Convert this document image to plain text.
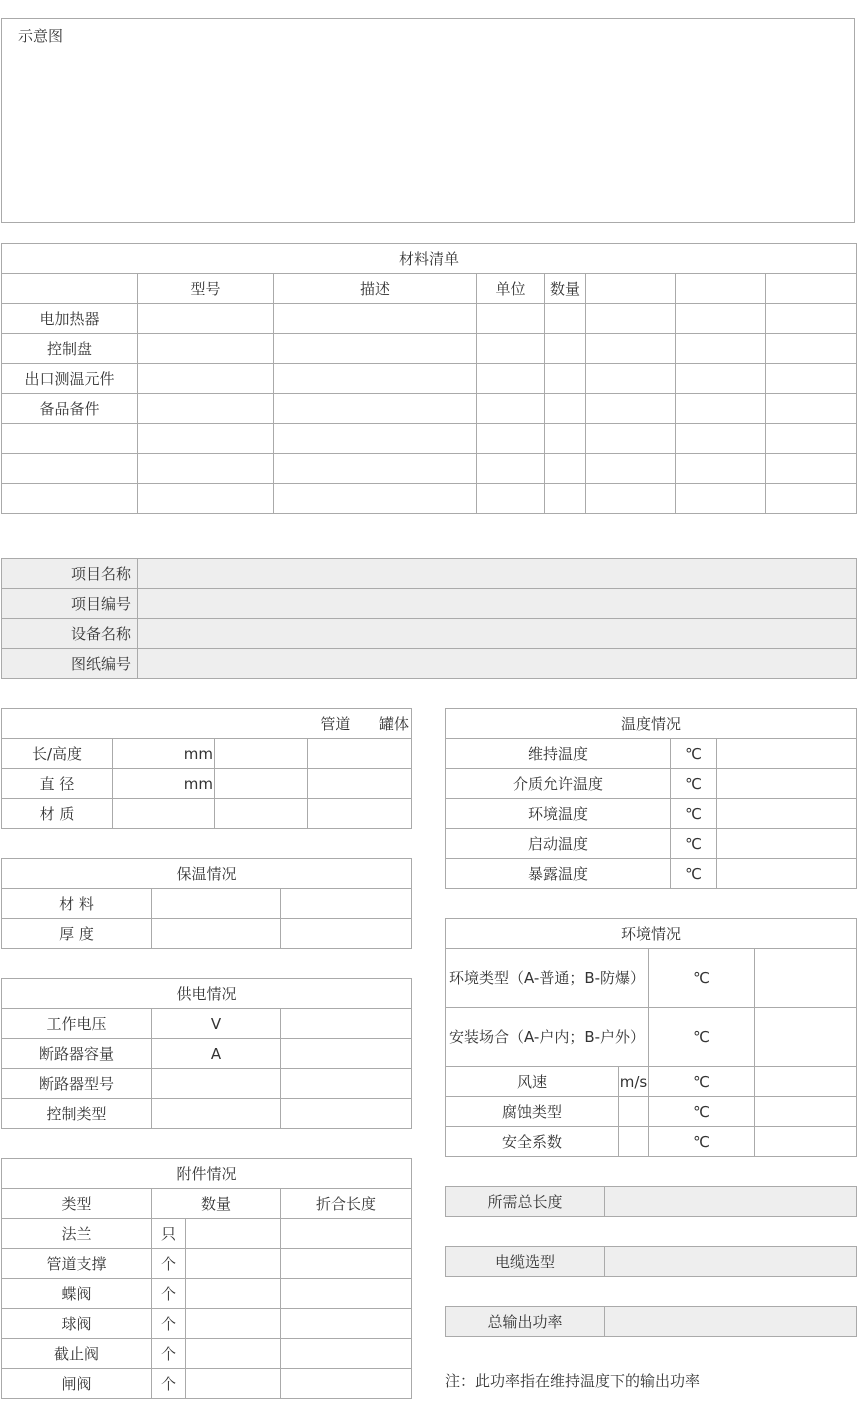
示意图
材料清单							
	型号	描述	单位	数量			
电加热器							
控制盘							
出口测温元件							
备品备件							

项目名称	
项目编号	
设备名称	
图纸编号	
管道 罐体			
长/高度	mm		
直 径	mm		
材 质			
保温情况		
材 料		
厚 度		
供电情况		
工作电压	V	
断路器容量	A	
断路器型号		
控制类型		
附件情况			
类型	数量		折合长度
法兰	只		
管道支撑	个		
蝶阀	个		
球阀	个		
截止阀	个		
闸阀	个		
温度情况		
维持温度	℃	
介质允许温度	℃	
环境温度	℃	
启动温度	℃	
暴露温度	℃	
环境情况			
环境类型（A-普通；B-防爆）		℃	
安装场合（A-户内；B-户外）		℃	
风速	m/s	℃	
腐蚀类型		℃	
安全系数		℃	
所需总长度	
电缆选型	
总输出功率	
注：此功率指在维持温度下的输出功率
